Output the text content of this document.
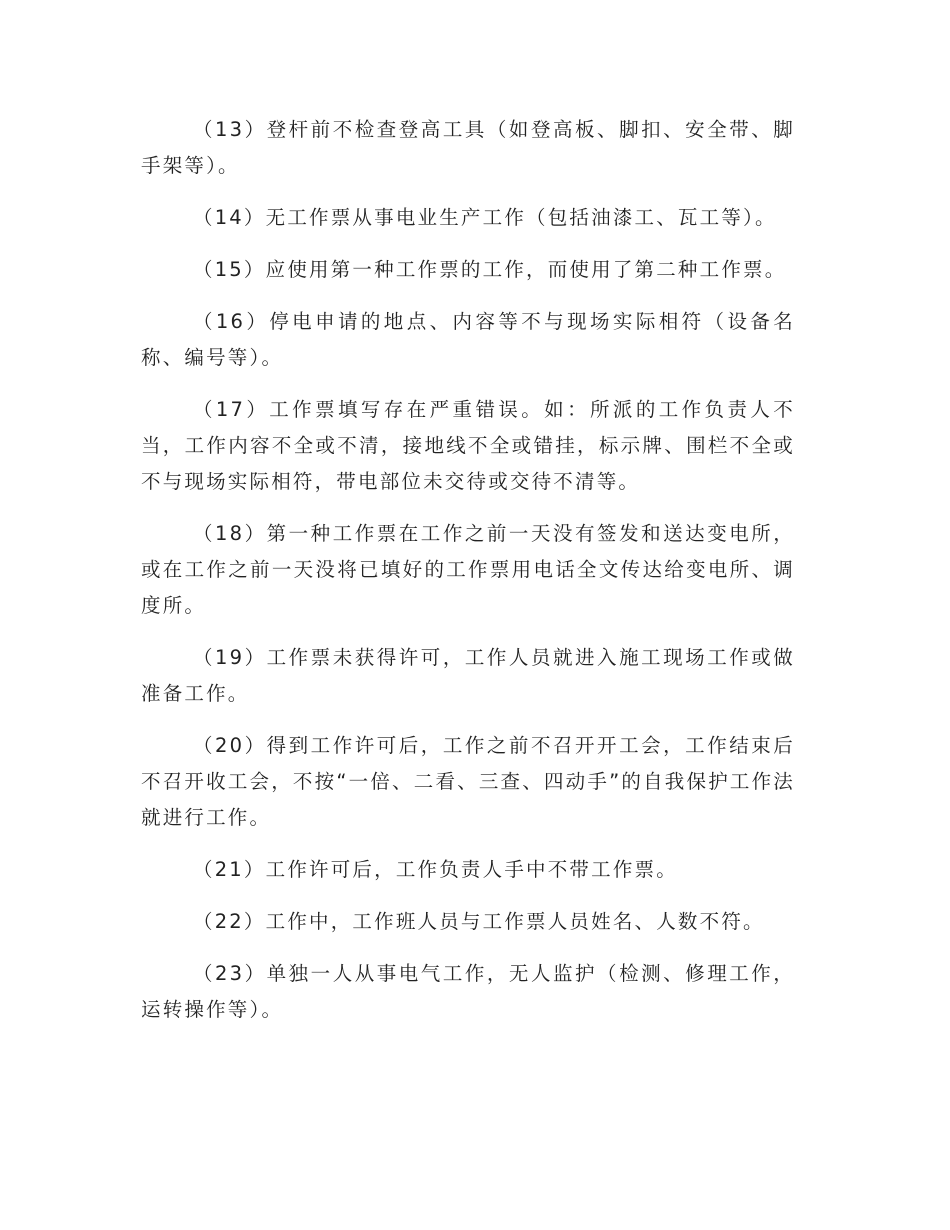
（13）登杆前不检查登高工具（如登高板、脚扣、安全带、脚手架等）。

（14）无工作票从事电业生产工作（包括油漆工、瓦工等）。

（15）应使用第一种工作票的工作，而使用了第二种工作票。

（16）停电申请的地点、内容等不与现场实际相符（设备名称、编号等）。

（17）工作票填写存在严重错误。如：所派的工作负责人不当，工作内容不全或不清，接地线不全或错挂，标示牌、围栏不全或不与现场实际相符，带电部位未交待或交待不清等。

（18）第一种工作票在工作之前一天没有签发和送达变电所，或在工作之前一天没将已填好的工作票用电话全文传达给变电所、调度所。

（19）工作票未获得许可，工作人员就进入施工现场工作或做准备工作。

（20）得到工作许可后，工作之前不召开开工会，工作结束后不召开收工会，不按“一倍、二看、三查、四动手”的自我保护工作法就进行工作。

（21）工作许可后，工作负责人手中不带工作票。

（22）工作中，工作班人员与工作票人员姓名、人数不符。

（23）单独一人从事电气工作，无人监护（检测、修理工作，运转操作等）。
